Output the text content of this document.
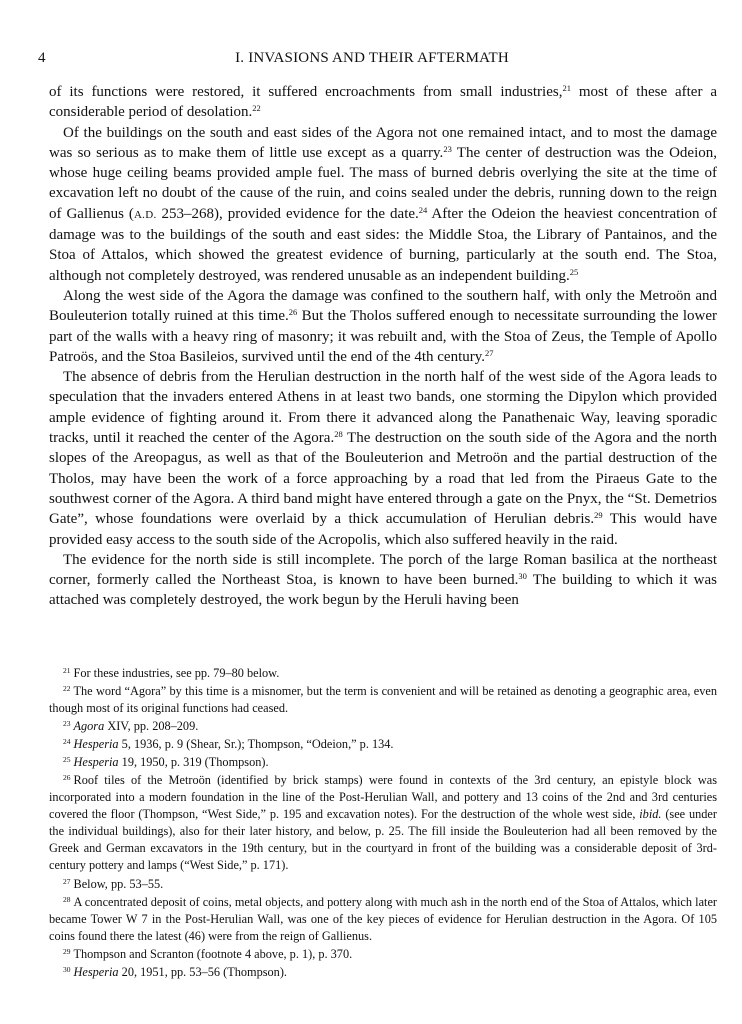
4	I. INVASIONS AND THEIR AFTERMATH

of its functions were restored, it suffered encroachments from small industries,$^{21}$ most of these after a considerable period of desolation.$^{22}$

Of the buildings on the south and east sides of the Agora not one remained intact, and to most the damage was so serious as to make them of little use except as a quarry.$^{23}$ The center of destruction was the Odeion, whose huge ceiling beams provided ample fuel. The mass of burned debris overlying the site at the time of excavation left no doubt of the cause of the ruin, and coins sealed under the debris, running down to the reign of Gallienus (A.D. 253–268), provided evidence for the date.$^{24}$ After the Odeion the heaviest concentration of damage was to the buildings of the south and east sides: the Middle Stoa, the Library of Pantainos, and the Stoa of Attalos, which showed the greatest evidence of burning, particularly at the south end. The Stoa, although not completely destroyed, was rendered unusable as an independent building.$^{25}$

Along the west side of the Agora the damage was confined to the southern half, with only the Metroön and Bouleuterion totally ruined at this time.$^{26}$ But the Tholos suffered enough to necessitate surrounding the lower part of the walls with a heavy ring of masonry; it was rebuilt and, with the Stoa of Zeus, the Temple of Apollo Patroös, and the Stoa Basileios, survived until the end of the 4th century.$^{27}$

The absence of debris from the Herulian destruction in the north half of the west side of the Agora leads to speculation that the invaders entered Athens in at least two bands, one storming the Dipylon which provided ample evidence of fighting around it. From there it advanced along the Panathenaic Way, leaving sporadic tracks, until it reached the center of the Agora.$^{28}$ The destruction on the south side of the Agora and the north slopes of the Areopagus, as well as that of the Bouleuterion and Metroön and the partial destruction of the Tholos, may have been the work of a force approaching by a road that led from the Piraeus Gate to the southwest corner of the Agora. A third band might have entered through a gate on the Pnyx, the “St. Demetrios Gate”, whose foundations were overlaid by a thick accumulation of Herulian debris.$^{29}$ This would have provided easy access to the south side of the Acropolis, which also suffered heavily in the raid.

The evidence for the north side is still incomplete. The porch of the large Roman basilica at the northeast corner, formerly called the Northeast Stoa, is known to have been burned.$^{30}$ The building to which it was attached was completely destroyed, the work begun by the Heruli having been

$^{21}$ For these industries, see pp. 79–80 below.

$^{22}$ The word “Agora” by this time is a misnomer, but the term is convenient and will be retained as denoting a geographic area, even though most of its original functions had ceased.

$^{23}$ Agora XIV, pp. 208–209.

$^{24}$ Hesperia 5, 1936, p. 9 (Shear, Sr.); Thompson, “Odeion,” p. 134.

$^{25}$ Hesperia 19, 1950, p. 319 (Thompson).

$^{26}$ Roof tiles of the Metroön (identified by brick stamps) were found in contexts of the 3rd century, an epistyle block was incorporated into a modern foundation in the line of the Post-Herulian Wall, and pottery and 13 coins of the 2nd and 3rd centuries covered the floor (Thompson, “West Side,” p. 195 and excavation notes). For the destruction of the whole west side, ibid. (see under the individual buildings), also for their later history, and below, p. 25. The fill inside the Bouleuterion had all been removed by the Greek and German excavators in the 19th century, but in the courtyard in front of the building was a considerable deposit of 3rd-century pottery and lamps (“West Side,” p. 171).

$^{27}$ Below, pp. 53–55.

$^{28}$ A concentrated deposit of coins, metal objects, and pottery along with much ash in the north end of the Stoa of Attalos, which later became Tower W 7 in the Post-Herulian Wall, was one of the key pieces of evidence for Herulian destruction in the Agora. Of 105 coins found there the latest (46) were from the reign of Gallienus.

$^{29}$ Thompson and Scranton (footnote 4 above, p. 1), p. 370.

$^{30}$ Hesperia 20, 1951, pp. 53–56 (Thompson).
